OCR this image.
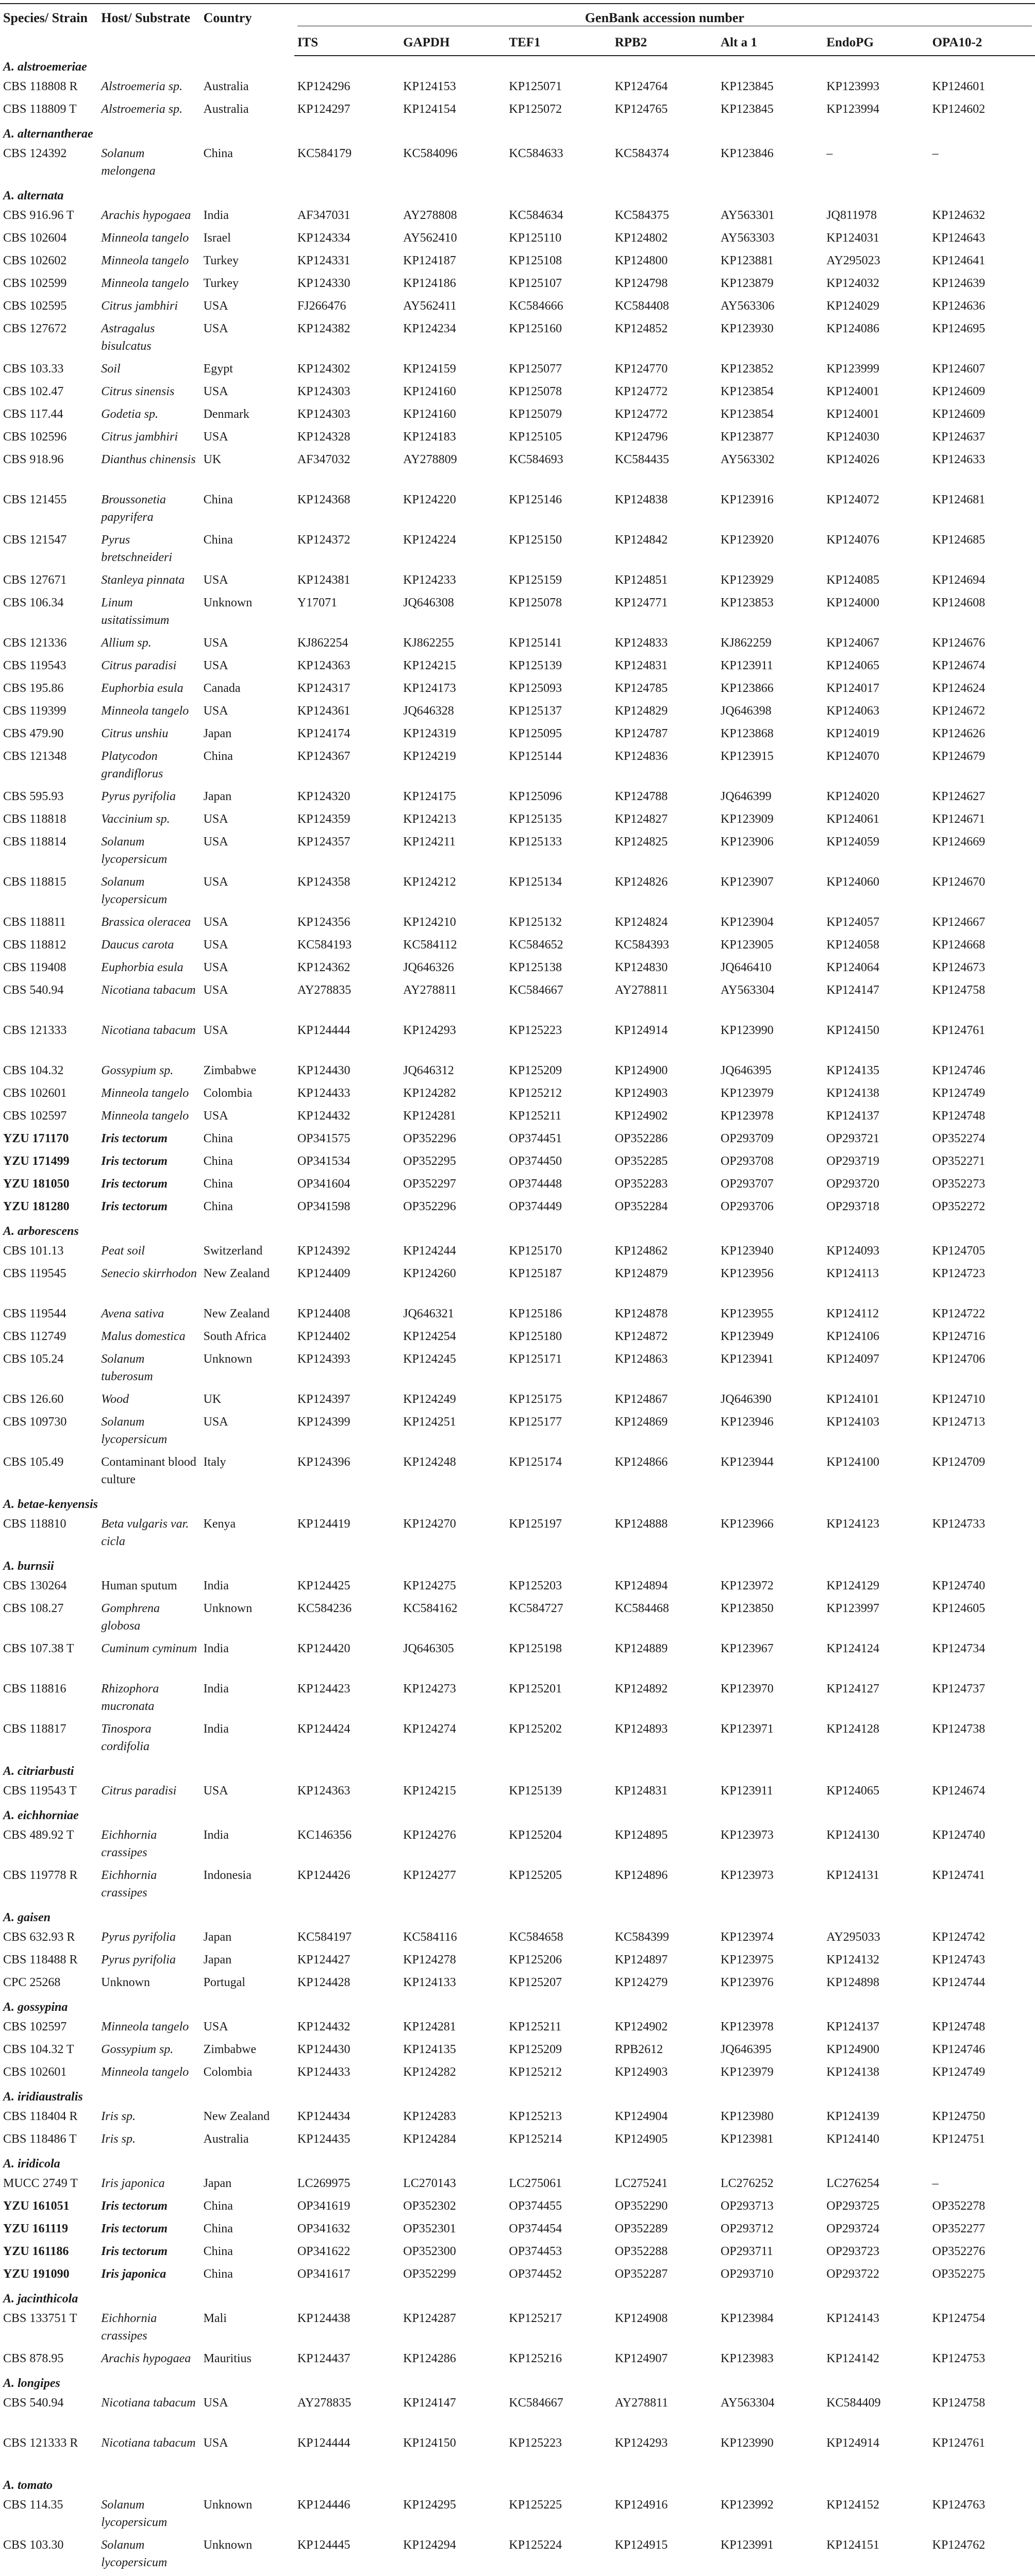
Species/ Strain	Host/ Substrate	Country	GenBank accession number						

			ITS	GAPDH	TEF1	RPB2	Alt a 1	EndoPG	OPA10-2
A. alstroemeriae									
CBS 118808 R	Alstroemeria sp.	Australia	KP124296	KP124153	KP125071	KP124764	KP123845	KP123993	KP124601
CBS 118809 T	Alstroemeria sp.	Australia	KP124297	KP124154	KP125072	KP124765	KP123845	KP123994	KP124602
A. alternantherae									
CBS 124392	Solanum melongena	China	KC584179	KC584096	KC584633	KC584374	KP123846	–	–
A. alternata									
CBS 916.96 T	Arachis hypogaea	India	AF347031	AY278808	KC584634	KC584375	AY563301	JQ811978	KP124632
CBS 102604	Minneola tangelo	Israel	KP124334	AY562410	KP125110	KP124802	AY563303	KP124031	KP124643
CBS 102602	Minneola tangelo	Turkey	KP124331	KP124187	KP125108	KP124800	KP123881	AY295023	KP124641
CBS 102599	Minneola tangelo	Turkey	KP124330	KP124186	KP125107	KP124798	KP123879	KP124032	KP124639
CBS 102595	Citrus jambhiri	USA	FJ266476	AY562411	KC584666	KC584408	AY563306	KP124029	KP124636
CBS 127672	Astragalus bisulcatus	USA	KP124382	KP124234	KP125160	KP124852	KP123930	KP124086	KP124695
CBS 103.33	Soil	Egypt	KP124302	KP124159	KP125077	KP124770	KP123852	KP123999	KP124607
CBS 102.47	Citrus sinensis	USA	KP124303	KP124160	KP125078	KP124772	KP123854	KP124001	KP124609
CBS 117.44	Godetia sp.	Denmark	KP124303	KP124160	KP125079	KP124772	KP123854	KP124001	KP124609
CBS 102596	Citrus jambhiri	USA	KP124328	KP124183	KP125105	KP124796	KP123877	KP124030	KP124637
CBS 918.96	Dianthus chinensis	UK	AF347032	AY278809	KC584693	KC584435	AY563302	KP124026	KP124633
CBS 121455	Broussonetia papyrifera	China	KP124368	KP124220	KP125146	KP124838	KP123916	KP124072	KP124681
CBS 121547	Pyrus bretschneideri	China	KP124372	KP124224	KP125150	KP124842	KP123920	KP124076	KP124685
CBS 127671	Stanleya pinnata	USA	KP124381	KP124233	KP125159	KP124851	KP123929	KP124085	KP124694
CBS 106.34	Linum usitatissimum	Unknown	Y17071	JQ646308	KP125078	KP124771	KP123853	KP124000	KP124608
CBS 121336	Allium sp.	USA	KJ862254	KJ862255	KP125141	KP124833	KJ862259	KP124067	KP124676
CBS 119543	Citrus paradisi	USA	KP124363	KP124215	KP125139	KP124831	KP123911	KP124065	KP124674
CBS 195.86	Euphorbia esula	Canada	KP124317	KP124173	KP125093	KP124785	KP123866	KP124017	KP124624
CBS 119399	Minneola tangelo	USA	KP124361	JQ646328	KP125137	KP124829	JQ646398	KP124063	KP124672
CBS 479.90	Citrus unshiu	Japan	KP124174	KP124319	KP125095	KP124787	KP123868	KP124019	KP124626
CBS 121348	Platycodon grandiflorus	China	KP124367	KP124219	KP125144	KP124836	KP123915	KP124070	KP124679
CBS 595.93	Pyrus pyrifolia	Japan	KP124320	KP124175	KP125096	KP124788	JQ646399	KP124020	KP124627
CBS 118818	Vaccinium sp.	USA	KP124359	KP124213	KP125135	KP124827	KP123909	KP124061	KP124671
CBS 118814	Solanum lycopersicum	USA	KP124357	KP124211	KP125133	KP124825	KP123906	KP124059	KP124669
CBS 118815	Solanum lycopersicum	USA	KP124358	KP124212	KP125134	KP124826	KP123907	KP124060	KP124670
CBS 118811	Brassica oleracea	USA	KP124356	KP124210	KP125132	KP124824	KP123904	KP124057	KP124667
CBS 118812	Daucus carota	USA	KC584193	KC584112	KC584652	KC584393	KP123905	KP124058	KP124668
CBS 119408	Euphorbia esula	USA	KP124362	JQ646326	KP125138	KP124830	JQ646410	KP124064	KP124673
CBS 540.94	Nicotiana tabacum	USA	AY278835	AY278811	KC584667	AY278811	AY563304	KP124147	KP124758
CBS 121333	Nicotiana tabacum	USA	KP124444	KP124293	KP125223	KP124914	KP123990	KP124150	KP124761
CBS 104.32	Gossypium sp.	Zimbabwe	KP124430	JQ646312	KP125209	KP124900	JQ646395	KP124135	KP124746
CBS 102601	Minneola tangelo	Colombia	KP124433	KP124282	KP125212	KP124903	KP123979	KP124138	KP124749
CBS 102597	Minneola tangelo	USA	KP124432	KP124281	KP125211	KP124902	KP123978	KP124137	KP124748
YZU 171170	Iris tectorum	China	OP341575	OP352296	OP374451	OP352286	OP293709	OP293721	OP352274
YZU 171499	Iris tectorum	China	OP341534	OP352295	OP374450	OP352285	OP293708	OP293719	OP352271
YZU 181050	Iris tectorum	China	OP341604	OP352297	OP374448	OP352283	OP293707	OP293720	OP352273
YZU 181280	Iris tectorum	China	OP341598	OP352296	OP374449	OP352284	OP293706	OP293718	OP352272
A. arborescens									
CBS 101.13	Peat soil	Switzerland	KP124392	KP124244	KP125170	KP124862	KP123940	KP124093	KP124705
CBS 119545	Senecio skirrhodon	New Zealand	KP124409	KP124260	KP125187	KP124879	KP123956	KP124113	KP124723
CBS 119544	Avena sativa	New Zealand	KP124408	JQ646321	KP125186	KP124878	KP123955	KP124112	KP124722
CBS 112749	Malus domestica	South Africa	KP124402	KP124254	KP125180	KP124872	KP123949	KP124106	KP124716
CBS 105.24	Solanum tuberosum	Unknown	KP124393	KP124245	KP125171	KP124863	KP123941	KP124097	KP124706
CBS 126.60	Wood	UK	KP124397	KP124249	KP125175	KP124867	JQ646390	KP124101	KP124710
CBS 109730	Solanum lycopersicum	USA	KP124399	KP124251	KP125177	KP124869	KP123946	KP124103	KP124713
CBS 105.49	Contaminant blood culture	Italy	KP124396	KP124248	KP125174	KP124866	KP123944	KP124100	KP124709
A. betae-kenyensis									
CBS 118810	Beta vulgaris var. cicla	Kenya	KP124419	KP124270	KP125197	KP124888	KP123966	KP124123	KP124733
A. burnsii									
CBS 130264	Human sputum	India	KP124425	KP124275	KP125203	KP124894	KP123972	KP124129	KP124740
CBS 108.27	Gomphrena globosa	Unknown	KC584236	KC584162	KC584727	KC584468	KP123850	KP123997	KP124605
CBS 107.38 T	Cuminum cyminum	India	KP124420	JQ646305	KP125198	KP124889	KP123967	KP124124	KP124734
CBS 118816	Rhizophora mucronata	India	KP124423	KP124273	KP125201	KP124892	KP123970	KP124127	KP124737
CBS 118817	Tinospora cordifolia	India	KP124424	KP124274	KP125202	KP124893	KP123971	KP124128	KP124738
A. citriarbusti									
CBS 119543 T	Citrus paradisi	USA	KP124363	KP124215	KP125139	KP124831	KP123911	KP124065	KP124674
A. eichhorniae									
CBS 489.92 T	Eichhornia crassipes	India	KC146356	KP124276	KP125204	KP124895	KP123973	KP124130	KP124740
CBS 119778 R	Eichhornia crassipes	Indonesia	KP124426	KP124277	KP125205	KP124896	KP123973	KP124131	KP124741
A. gaisen									
CBS 632.93 R	Pyrus pyrifolia	Japan	KC584197	KC584116	KC584658	KC584399	KP123974	AY295033	KP124742
CBS 118488 R	Pyrus pyrifolia	Japan	KP124427	KP124278	KP125206	KP124897	KP123975	KP124132	KP124743
CPC 25268	Unknown	Portugal	KP124428	KP124133	KP125207	KP124279	KP123976	KP124898	KP124744
A. gossypina									
CBS 102597	Minneola tangelo	USA	KP124432	KP124281	KP125211	KP124902	KP123978	KP124137	KP124748
CBS 104.32 T	Gossypium sp.	Zimbabwe	KP124430	KP124135	KP125209	RPB2612	JQ646395	KP124900	KP124746
CBS 102601	Minneola tangelo	Colombia	KP124433	KP124282	KP125212	KP124903	KP123979	KP124138	KP124749
A. iridiaustralis									
CBS 118404 R	Iris sp.	New Zealand	KP124434	KP124283	KP125213	KP124904	KP123980	KP124139	KP124750
CBS 118486 T	Iris sp.	Australia	KP124435	KP124284	KP125214	KP124905	KP123981	KP124140	KP124751
A. iridicola									
MUCC 2749 T	Iris japonica	Japan	LC269975	LC270143	LC275061	LC275241	LC276252	LC276254	–
YZU 161051	Iris tectorum	China	OP341619	OP352302	OP374455	OP352290	OP293713	OP293725	OP352278
YZU 161119	Iris tectorum	China	OP341632	OP352301	OP374454	OP352289	OP293712	OP293724	OP352277
YZU 161186	Iris tectorum	China	OP341622	OP352300	OP374453	OP352288	OP293711	OP293723	OP352276
YZU 191090	Iris japonica	China	OP341617	OP352299	OP374452	OP352287	OP293710	OP293722	OP352275
A. jacinthicola									
CBS 133751 T	Eichhornia crassipes	Mali	KP124438	KP124287	KP125217	KP124908	KP123984	KP124143	KP124754
CBS 878.95	Arachis hypogaea	Mauritius	KP124437	KP124286	KP125216	KP124907	KP123983	KP124142	KP124753
A. longipes									
CBS 540.94	Nicotiana tabacum	USA	AY278835	KP124147	KC584667	AY278811	AY563304	KC584409	KP124758
CBS 121333 R	Nicotiana tabacum	USA	KP124444	KP124150	KP125223	KP124293	KP123990	KP124914	KP124761
A. tomato									
CBS 114.35	Solanum lycopersicum	Unknown	KP124446	KP124295	KP125225	KP124916	KP123992	KP124152	KP124763
CBS 103.30	Solanum lycopersicum	Unknown	KP124445	KP124294	KP125224	KP124915	KP123991	KP124151	KP124762
